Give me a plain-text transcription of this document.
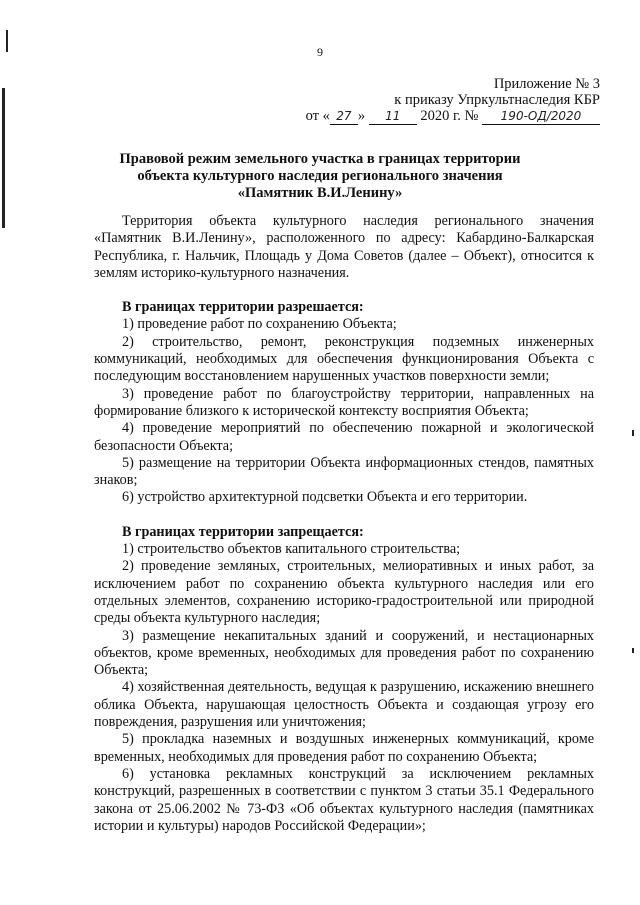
9
Приложение № 3
к приказу Упркультнаследия КБР
от « 27 » 11 2020 г. № 190-ОД/2020
Правовой режим земельного участка в границах территории
объекта культурного наследия регионального значения
«Памятник В.И.Ленину»

Территория объекта культурного наследия регионального значения «Памятник В.И.Ленину», расположенного по адресу: Кабардино-Балкарская Республика, г. Нальчик, Площадь у Дома Советов (далее – Объект), относится к землям историко-культурного назначения.

В границах территории разрешается:

1) проведение работ по сохранению Объекта;

2) строительство, ремонт, реконструкция подземных инженерных коммуникаций, необходимых для обеспечения функционирования Объекта с последующим восстановлением нарушенных участков поверхности земли;

3) проведение работ по благоустройству территории, направленных на формирование близкого к исторической контексту восприятия Объекта;

4) проведение мероприятий по обеспечению пожарной и экологической безопасности Объекта;

5) размещение на территории Объекта информационных стендов, памятных знаков;

6) устройство архитектурной подсветки Объекта и его территории.

В границах территории запрещается:

1) строительство объектов капитального строительства;

2) проведение земляных, строительных, мелиоративных и иных работ, за исключением работ по сохранению объекта культурного наследия или его отдельных элементов, сохранению историко-градостроительной или природной среды объекта культурного наследия;

3) размещение некапитальных зданий и сооружений, и нестационарных объектов, кроме временных, необходимых для проведения работ по сохранению Объекта;

4) хозяйственная деятельность, ведущая к разрушению, искажению внешнего облика Объекта, нарушающая целостность Объекта и создающая угрозу его повреждения, разрушения или уничтожения;

5) прокладка наземных и воздушных инженерных коммуникаций, кроме временных, необходимых для проведения работ по сохранению Объекта;

6) установка рекламных конструкций за исключением рекламных конструкций, разрешенных в соответствии с пунктом 3 статьи 35.1 Федерального закона от 25.06.2002 № 73-ФЗ «Об объектах культурного наследия (памятниках истории и культуры) народов Российской Федерации»;
